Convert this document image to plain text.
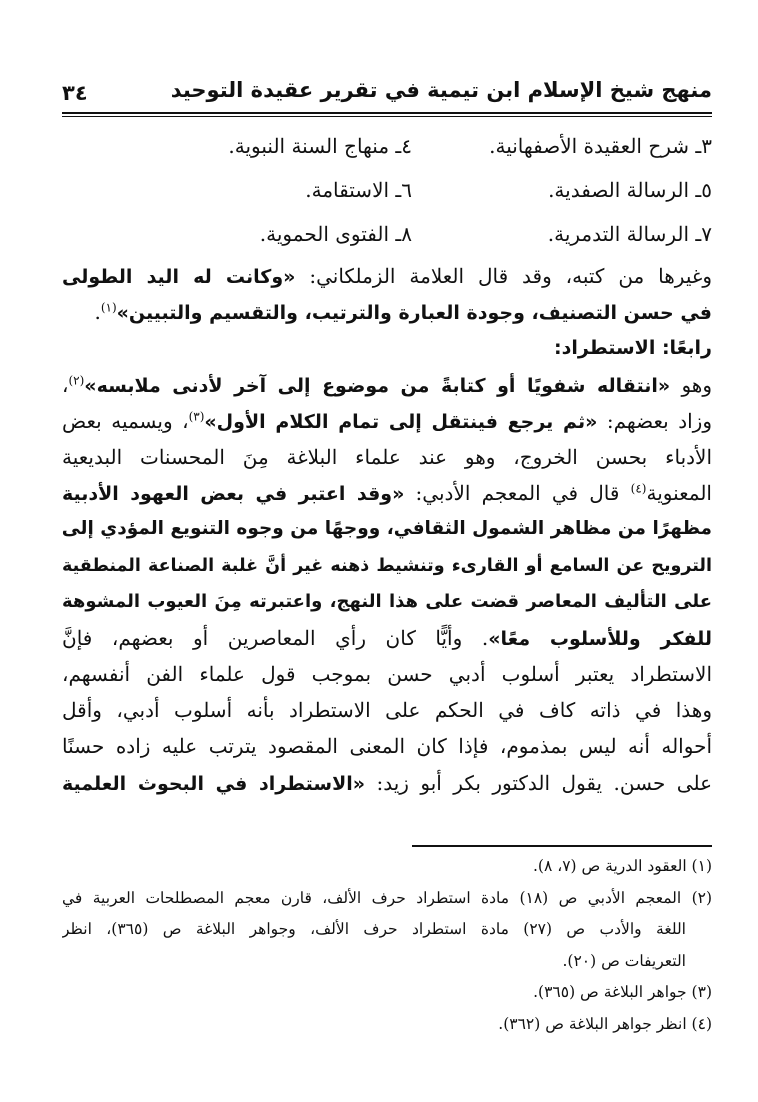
منهج شيخ الإسلام ابن تيمية في تقرير عقيدة التوحيد
٣٤
٣ـ شرح العقيدة الأصفهانية.
٤ـ منهاج السنة النبوية.
٥ـ الرسالة الصفدية.
٦ـ الاستقامة.
٧ـ الرسالة التدمرية.
٨ـ الفتوى الحموية.
وغيرها من كتبه، وقد قال العلامة الزملكاني: «وكانت له اليد الطولى
في حسن التصنيف، وجودة العبارة والترتيب، والتقسيم والتبيين»$^{(١)}$.
رابعًا: الاستطراد:
وهو «انتقاله شفويًا أو كتابةً من موضوع إلى آخر لأدنى ملابسه»$^{(٢)}$،
وزاد بعضهم: «ثم يرجع فينتقل إلى تمام الكلام الأول»$^{(٣)}$، ويسميه بعض
الأدباء بحسن الخروج، وهو عند علماء البلاغة مِنَ المحسنات البديعية
المعنوية$^{(٤)}$ قال في المعجم الأدبي: «وقد اعتبر في بعض العهود الأدبية
مظهرًا من مظاهر الشمول الثقافي، ووجهًا من وجوه التنويع المؤدي إلى
الترويح عن السامع أو القارىء وتنشيط ذهنه غير أنَّ غلبة الصناعة المنطقية
على التأليف المعاصر قضت على هذا النهج، واعتبرته مِنَ العيوب المشوهة
للفكر وللأسلوب معًا». وأيًّا كان رأي المعاصرين أو بعضهم، فإنَّ
الاستطراد يعتبر أسلوب أدبي حسن بموجب قول علماء الفن أنفسهم،
وهذا في ذاته كاف في الحكم على الاستطراد بأنه أسلوب أدبي، وأقل
أحواله أنه ليس بمذموم، فإذا كان المعنى المقصود يترتب عليه زاده حسنًا
على حسن. يقول الدكتور بكر أبو زيد: «الاستطراد في البحوث العلمية
(١) العقود الدرية ص (٧، ٨).
(٢) المعجم الأدبي ص (١٨) مادة استطراد حرف الألف، قارن معجم المصطلحات العربية في
اللغة والأدب ص (٢٧) مادة استطراد حرف الألف، وجواهر البلاغة ص (٣٦٥)، انظر
التعريفات ص (٢٠).
(٣) جواهر البلاغة ص (٣٦٥).
(٤) انظر جواهر البلاغة ص (٣٦٢).
